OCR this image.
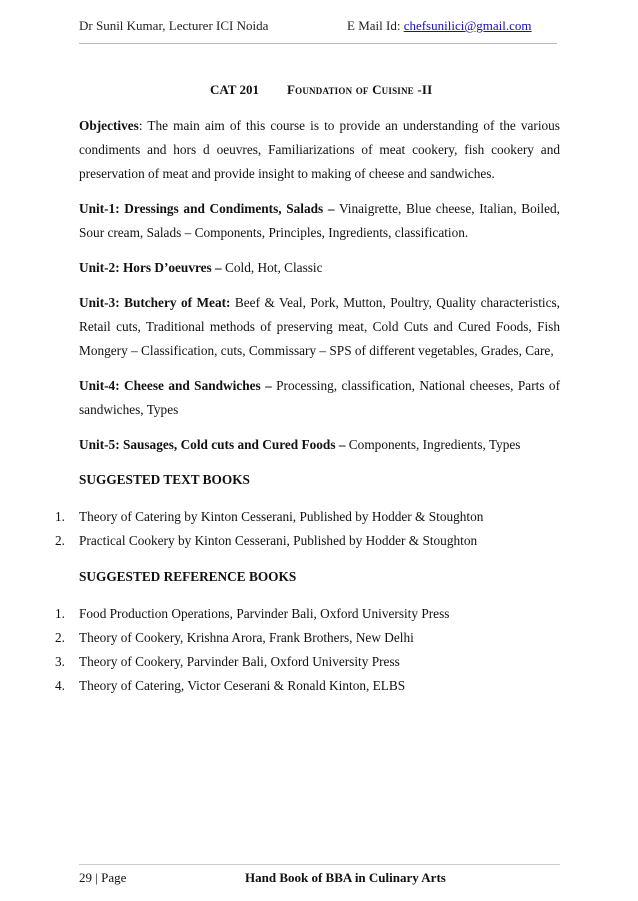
Dr Sunil Kumar, Lecturer ICI Noida	E Mail Id: chefsunilici@gmail.com
CAT 201 Foundation of Cuisine -II

Objectives: The main aim of this course is to provide an understanding of the various condiments and hors d oeuvres, Familiarizations of meat cookery, fish cookery and preservation of meat and provide insight to making of cheese and sandwiches.

Unit-1: Dressings and Condiments, Salads – Vinaigrette, Blue cheese, Italian, Boiled, Sour cream, Salads – Components, Principles, Ingredients, classification.

Unit-2: Hors D’oeuvres – Cold, Hot, Classic

Unit-3: Butchery of Meat: Beef & Veal, Pork, Mutton, Poultry, Quality characteristics, Retail cuts, Traditional methods of preserving meat, Cold Cuts and Cured Foods, Fish Mongery – Classification, cuts, Commissary – SPS of different vegetables, Grades, Care,

Unit-4: Cheese and Sandwiches – Processing, classification, National cheeses, Parts of sandwiches, Types

Unit-5: Sausages, Cold cuts and Cured Foods – Components, Ingredients, Types

SUGGESTED TEXT BOOKS
1. Theory of Catering by Kinton Cesserani, Published by Hodder & Stoughton
2. Practical Cookery by Kinton Cesserani, Published by Hodder & Stoughton
SUGGESTED REFERENCE BOOKS
1. Food Production Operations, Parvinder Bali, Oxford University Press
2. Theory of Cookery, Krishna Arora, Frank Brothers, New Delhi
3. Theory of Cookery, Parvinder Bali, Oxford University Press
4. Theory of Catering, Victor Ceserani & Ronald Kinton, ELBS
29 | Page	Hand Book of BBA in Culinary Arts
